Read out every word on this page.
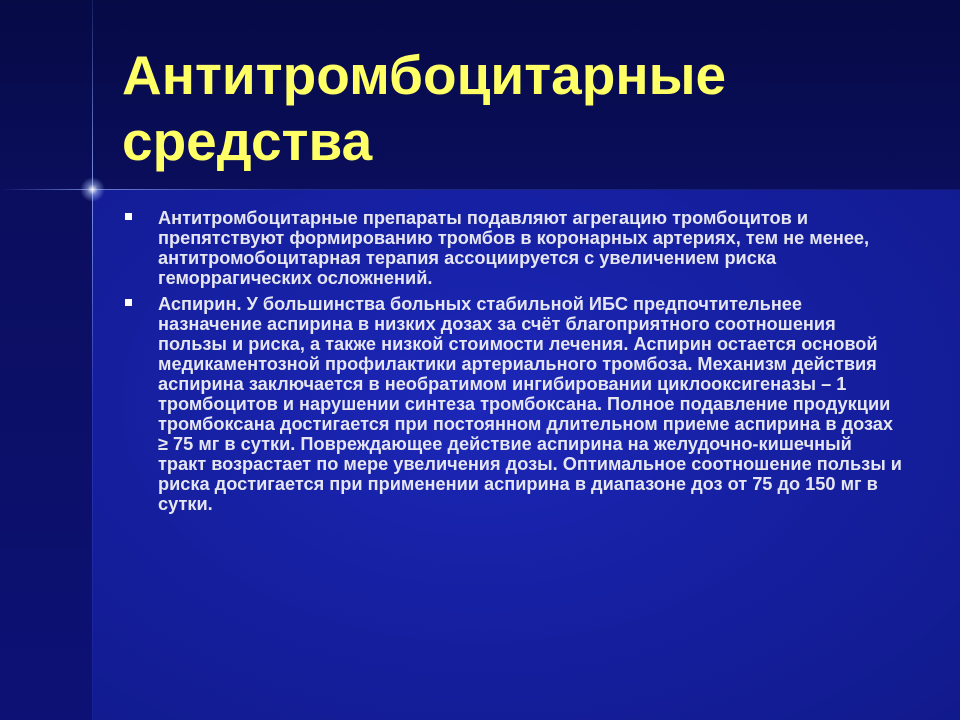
Антитромбоцитарные средства
Антитромбоцитарные препараты подавляют агрегацию тромбоцитов и препятствуют формированию тромбов в коронарных артериях, тем не менее, антитромобоцитарная терапия ассоциируется с увеличением риска геморрагических осложнений.
Аспирин. У большинства больных стабильной ИБС предпочтительнее назначение аспирина в низких дозах за счёт благоприятного соотношения пользы и риска, а также низкой стоимости лечения. Аспирин остается основой медикаментозной профилактики артериального тромбоза. Механизм действия аспирина заключается в необратимом ингибировании циклооксигеназы – 1 тромбоцитов и нарушении синтеза тромбоксана. Полное подавление продукции тромбоксана достигается при постоянном длительном приеме аспирина в дозах ≥ 75 мг в сутки. Повреждающее действие аспирина на желудочно-кишечный тракт возрастает по мере увеличения дозы. Оптимальное соотношение пользы и риска достигается при применении аспирина в диапазоне доз от 75 до 150 мг в сутки.
